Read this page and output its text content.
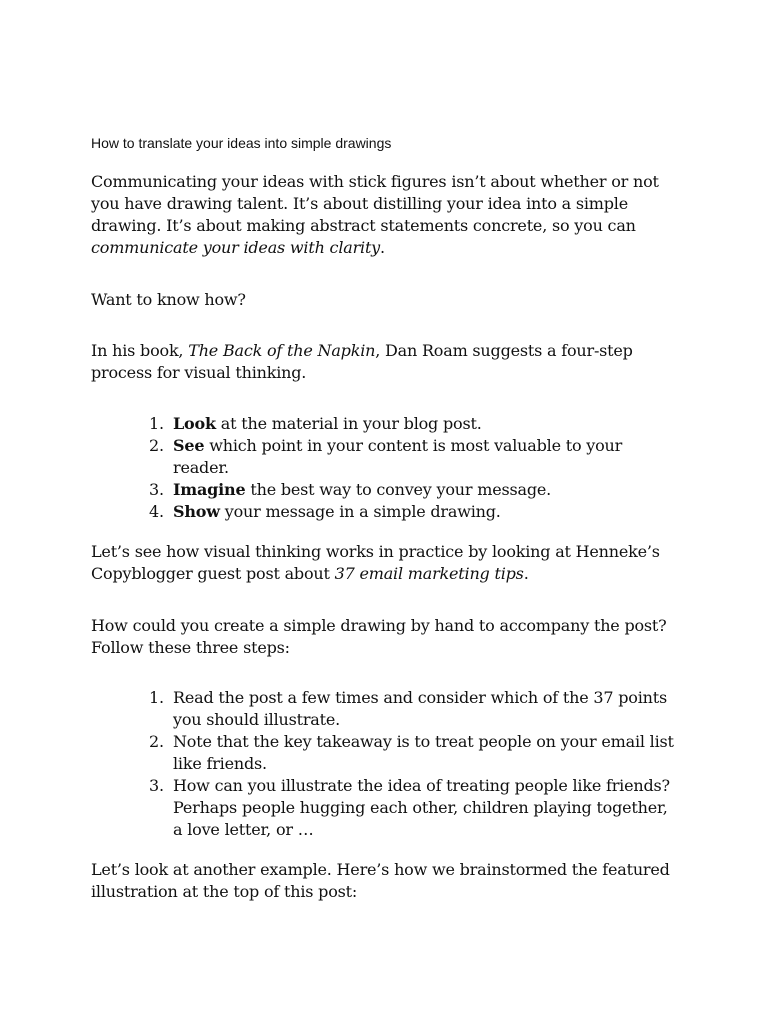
How to translate your ideas into simple drawings

Communicating your ideas with stick figures isn’t about whether or not you have drawing talent. It’s about distilling your idea into a simple drawing. It’s about making abstract statements concrete, so you can communicate your ideas with clarity.

Want to know how?

In his book, The Back of the Napkin, Dan Roam suggests a four-step process for visual thinking.

1. Look at the material in your blog post.
2. See which point in your content is most valuable to your reader.
3. Imagine the best way to convey your message.
4. Show your message in a simple drawing.

Let’s see how visual thinking works in practice by looking at Henneke’s Copyblogger guest post about 37 email marketing tips.

How could you create a simple drawing by hand to accompany the post? Follow these three steps:

1. Read the post a few times and consider which of the 37 points you should illustrate.
2. Note that the key takeaway is to treat people on your email list like friends.
3. How can you illustrate the idea of treating people like friends? Perhaps people hugging each other, children playing together, a love letter, or …

Let’s look at another example. Here’s how we brainstormed the featured illustration at the top of this post:
